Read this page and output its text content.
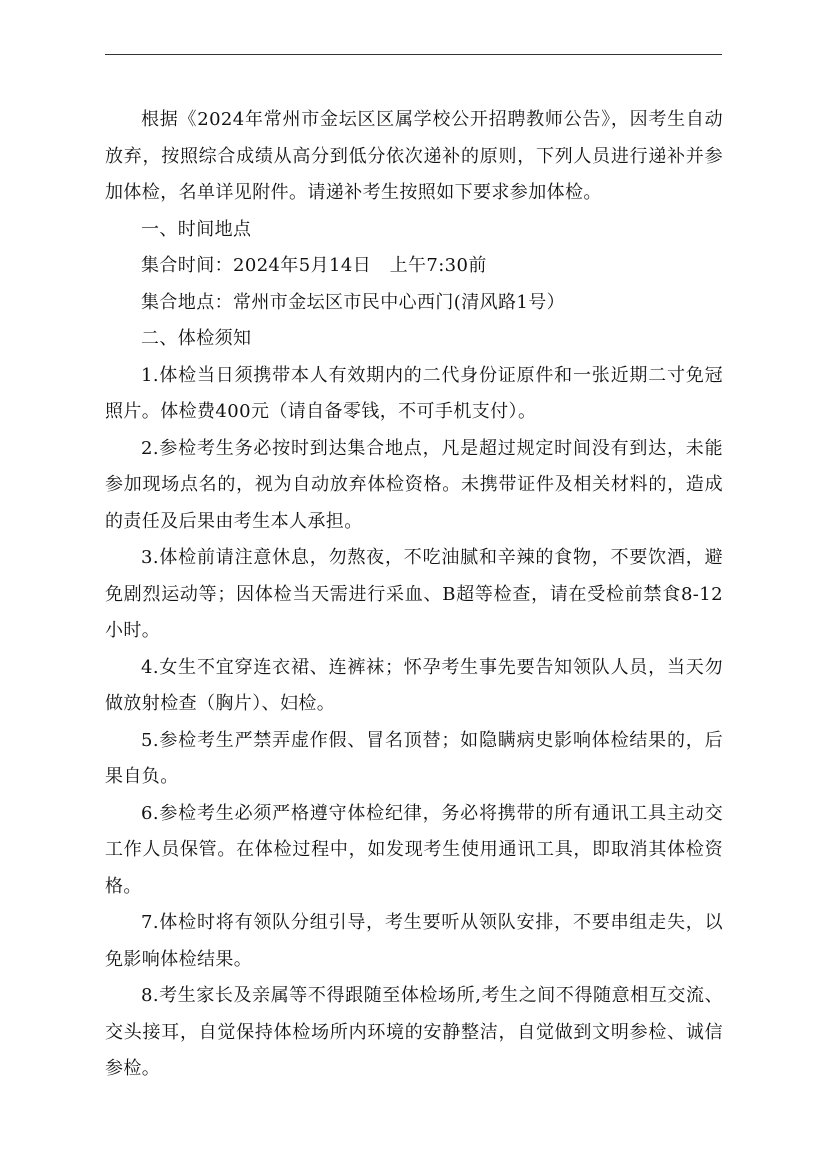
根据《2024年常州市金坛区区属学校公开招聘教师公告》，因考生自动放弃，按照综合成绩从高分到低分依次递补的原则，下列人员进行递补并参加体检，名单详见附件。请递补考生按照如下要求参加体检。

一、时间地点

集合时间：2024年5月14日　上午7:30前

集合地点：常州市金坛区市民中心西门(清风路1号）

二、体检须知

1.体检当日须携带本人有效期内的二代身份证原件和一张近期二寸免冠照片。体检费400元（请自备零钱，不可手机支付）。

2.参检考生务必按时到达集合地点，凡是超过规定时间没有到达，未能参加现场点名的，视为自动放弃体检资格。未携带证件及相关材料的，造成的责任及后果由考生本人承担。

3.体检前请注意休息，勿熬夜，不吃油腻和辛辣的食物，不要饮酒，避免剧烈运动等；因体检当天需进行采血、B超等检查，请在受检前禁食8-12小时。

4.女生不宜穿连衣裙、连裤袜；怀孕考生事先要告知领队人员，当天勿做放射检查（胸片）、妇检。

5.参检考生严禁弄虚作假、冒名顶替；如隐瞒病史影响体检结果的，后果自负。

6.参检考生必须严格遵守体检纪律，务必将携带的所有通讯工具主动交工作人员保管。在体检过程中，如发现考生使用通讯工具，即取消其体检资格。

7.体检时将有领队分组引导，考生要听从领队安排，不要串组走失，以免影响体检结果。

8.考生家长及亲属等不得跟随至体检场所,考生之间不得随意相互交流、交头接耳，自觉保持体检场所内环境的安静整洁，自觉做到文明参检、诚信参检。
